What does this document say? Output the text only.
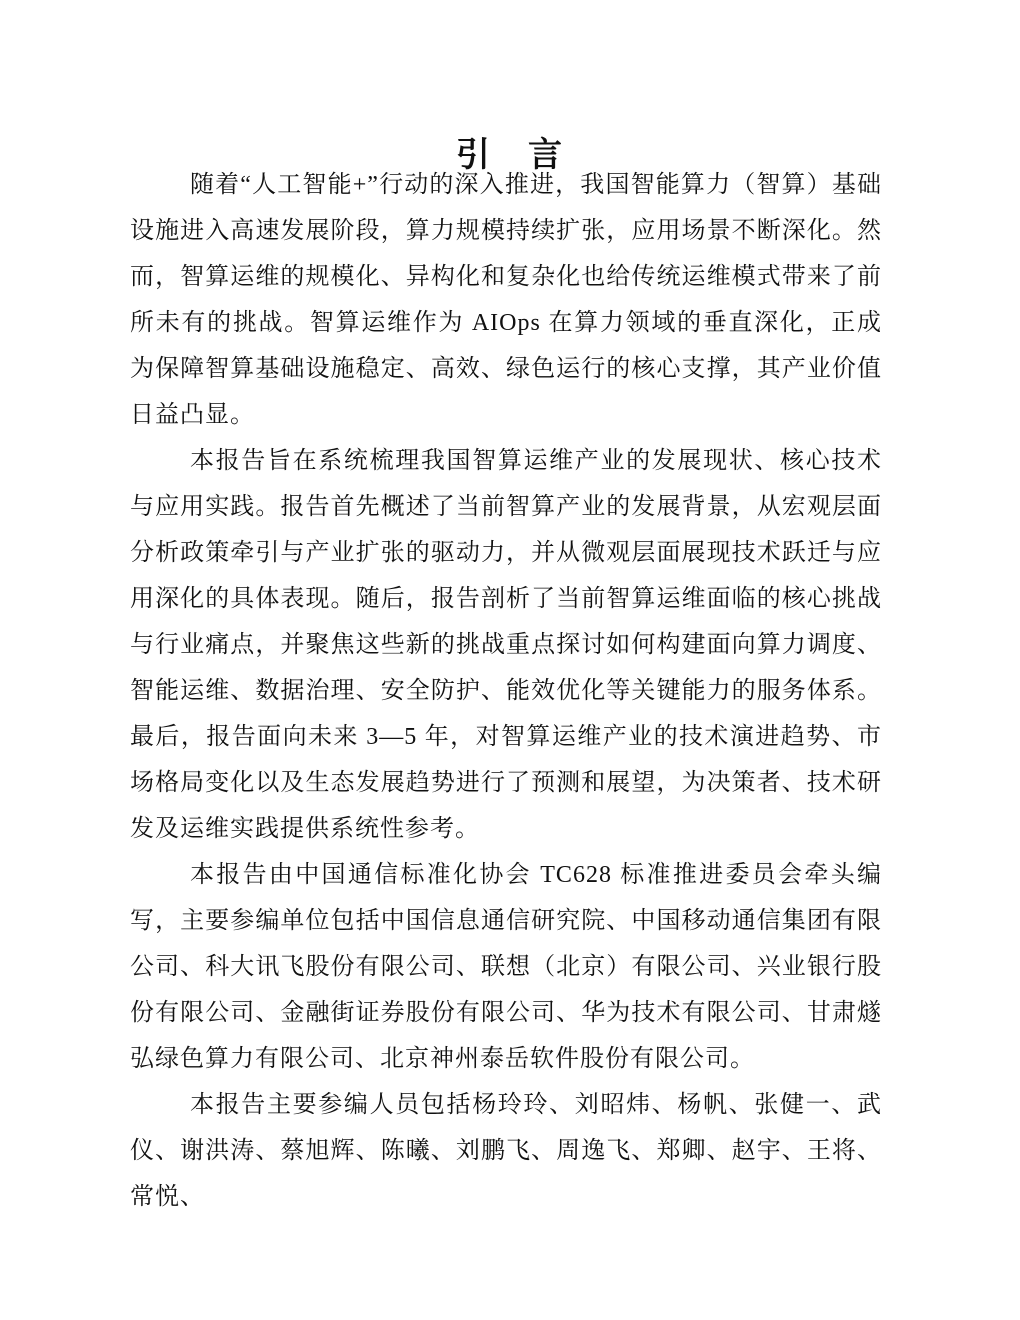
引　言

随着“人工智能+”行动的深入推进，我国智能算力（智算）基础设施进入高速发展阶段，算力规模持续扩张，应用场景不断深化。然而，智算运维的规模化、异构化和复杂化也给传统运维模式带来了前所未有的挑战。智算运维作为 AIOps 在算力领域的垂直深化，正成为保障智算基础设施稳定、高效、绿色运行的核心支撑，其产业价值日益凸显。

本报告旨在系统梳理我国智算运维产业的发展现状、核心技术与应用实践。报告首先概述了当前智算产业的发展背景，从宏观层面分析政策牵引与产业扩张的驱动力，并从微观层面展现技术跃迁与应用深化的具体表现。随后，报告剖析了当前智算运维面临的核心挑战与行业痛点，并聚焦这些新的挑战重点探讨如何构建面向算力调度、智能运维、数据治理、安全防护、能效优化等关键能力的服务体系。最后，报告面向未来 3—5 年，对智算运维产业的技术演进趋势、市场格局变化以及生态发展趋势进行了预测和展望，为决策者、技术研发及运维实践提供系统性参考。

本报告由中国通信标准化协会 TC628 标准推进委员会牵头编写，主要参编单位包括中国信息通信研究院、中国移动通信集团有限公司、科大讯飞股份有限公司、联想（北京）有限公司、兴业银行股份有限公司、金融街证券股份有限公司、华为技术有限公司、甘肃燧弘绿色算力有限公司、北京神州泰岳软件股份有限公司。

本报告主要参编人员包括杨玲玲、刘昭炜、杨帆、张健一、武仪、谢洪涛、蔡旭辉、陈曦、刘鹏飞、周逸飞、郑卿、赵宇、王将、常悦、
